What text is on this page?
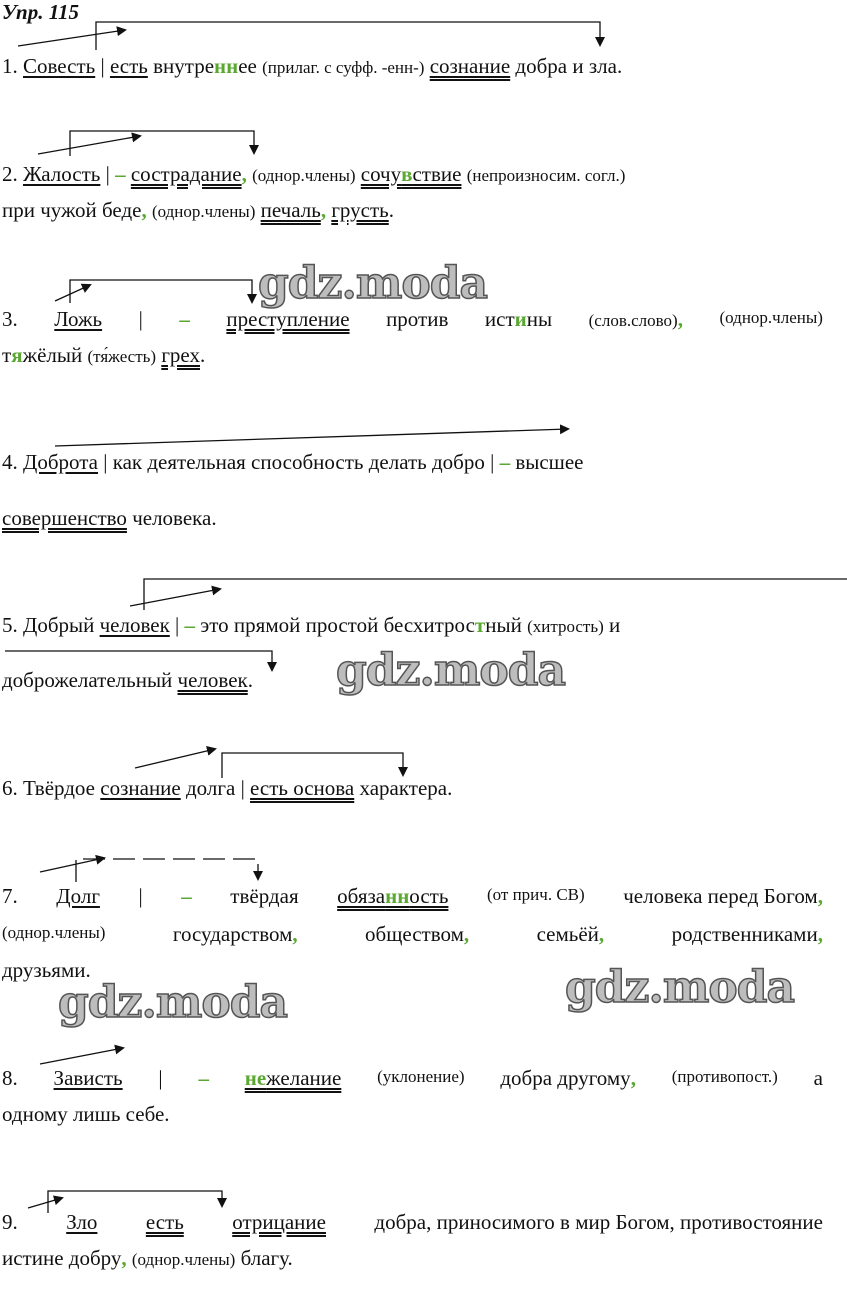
Упр. 115
1. Совесть | есть внутреннее (прилаг. с суфф. -енн-) сознание добра и зла.
2. Жалость | – сострадание, (однор.члены) сочувствие (непроизносим. согл.)
при чужой беде, (однор.члены) печаль, грусть.
3. Ложь | – преступление против истины (слов.слово), (однор.члены)
тяжёлый (тя́жесть) грех.
4. Доброта | как деятельная способность делать добро | – высшее
совершенство человека.
5. Добрый человек | – это прямой простой бесхитростный (хитрость) и
доброжелательный человек.
6. Твёрдое сознание долга | есть основа характера.
7. Долг | – твёрдая обязанность (от прич. СВ) человека перед Богом,
(однор.члены)	государством,	обществом,	семьёй,	родственниками,
друзьями.
8. Зависть | – нежелание (уклонение) добра другому, (противопост.) а
одному лишь себе.
9. Зло есть отрицание добра, приносимого в мир Богом, противостояние
истине добру, (однор.члены) благу.
gdz.moda
gdz.moda
gdz.moda	gdz.moda
